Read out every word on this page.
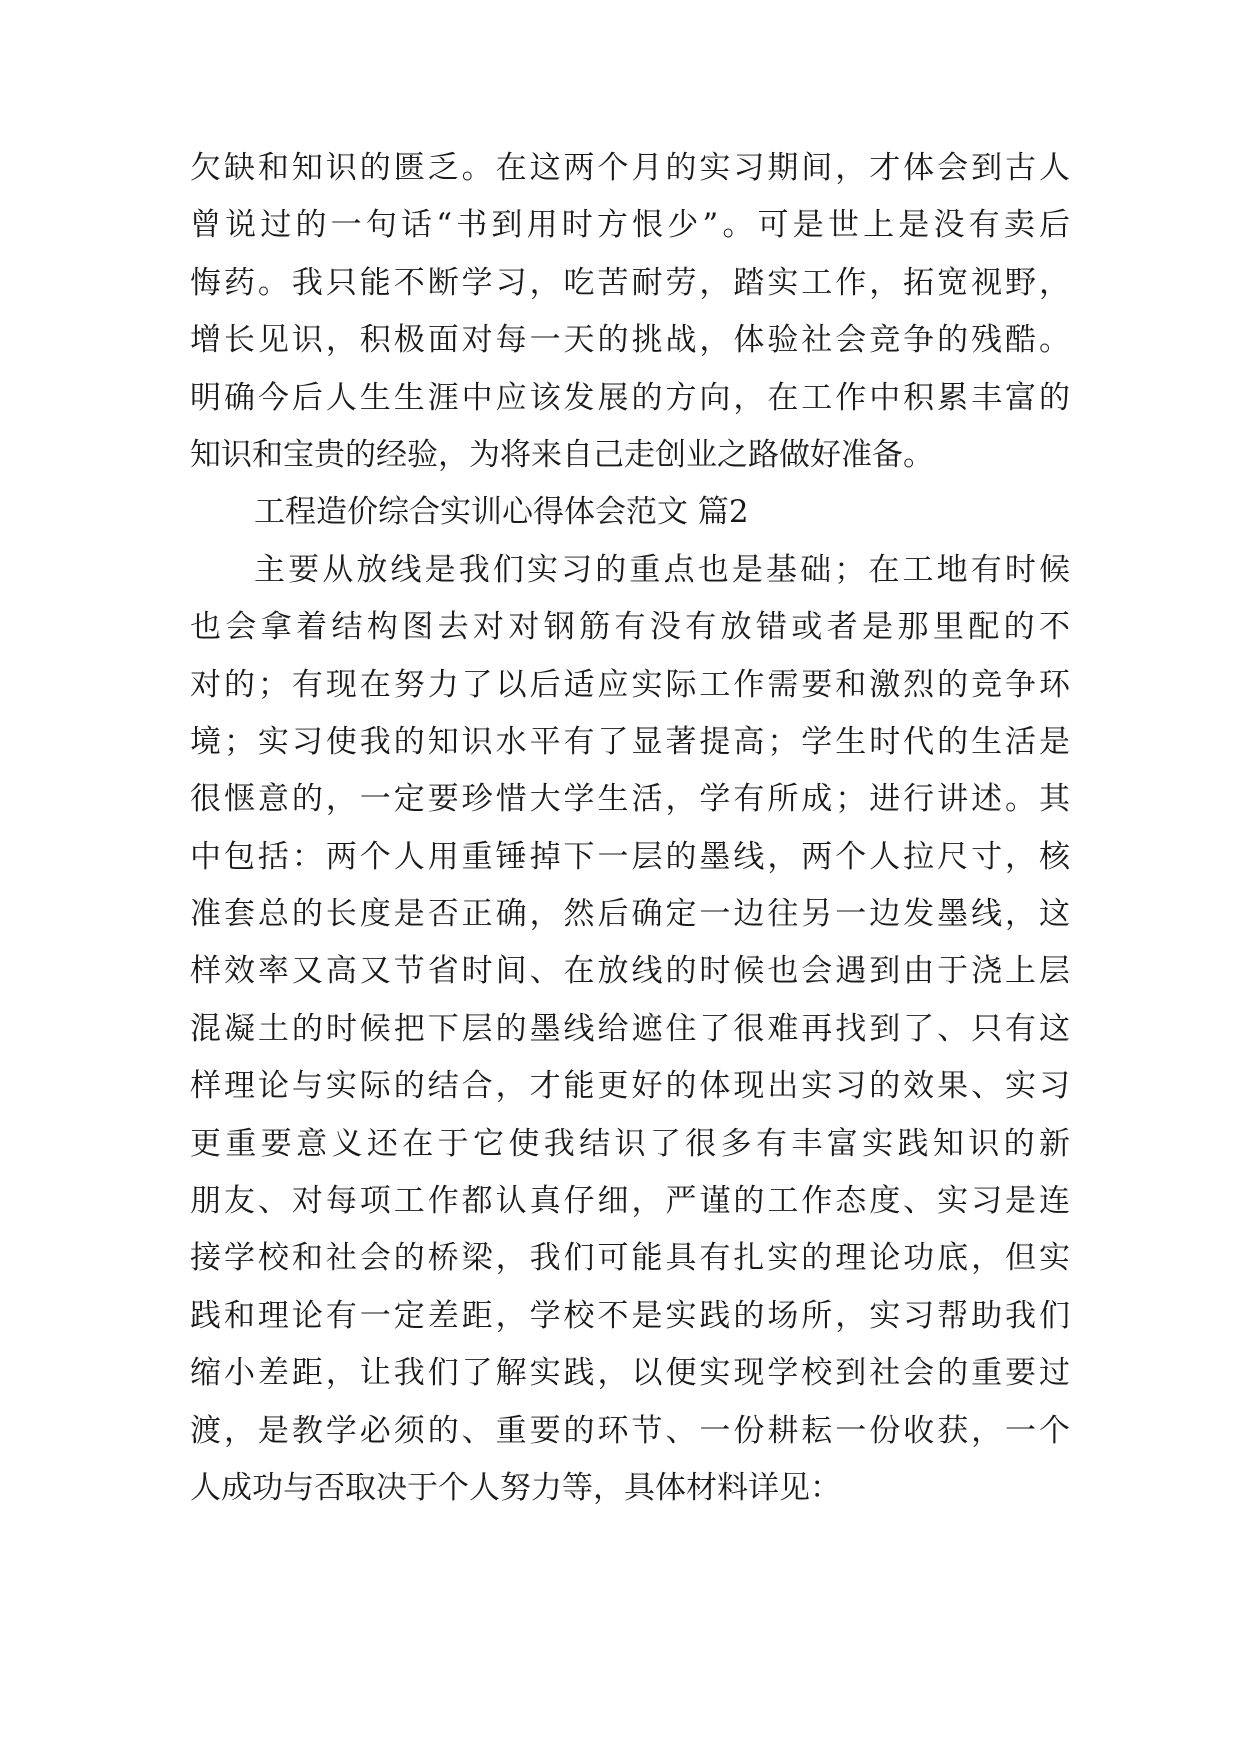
欠缺和知识的匮乏。在这两个月的实习期间，才体会到古人
曾说过的一句话“书到用时方恨少”。可是世上是没有卖后
悔药。我只能不断学习，吃苦耐劳，踏实工作，拓宽视野，
增长见识，积极面对每一天的挑战，体验社会竞争的残酷。
明确今后人生生涯中应该发展的方向，在工作中积累丰富的
知识和宝贵的经验，为将来自己走创业之路做好准备。
工程造价综合实训心得体会范文 篇2
主要从放线是我们实习的重点也是基础；在工地有时候
也会拿着结构图去对对钢筋有没有放错或者是那里配的不
对的；有现在努力了以后适应实际工作需要和激烈的竞争环
境；实习使我的知识水平有了显著提高；学生时代的生活是
很惬意的，一定要珍惜大学生活，学有所成；进行讲述。其
中包括：两个人用重锤掉下一层的墨线，两个人拉尺寸，核
准套总的长度是否正确，然后确定一边往另一边发墨线，这
样效率又高又节省时间、在放线的时候也会遇到由于浇上层
混凝土的时候把下层的墨线给遮住了很难再找到了、只有这
样理论与实际的结合，才能更好的体现出实习的效果、实习
更重要意义还在于它使我结识了很多有丰富实践知识的新
朋友、对每项工作都认真仔细，严谨的工作态度、实习是连
接学校和社会的桥梁，我们可能具有扎实的理论功底，但实
践和理论有一定差距，学校不是实践的场所，实习帮助我们
缩小差距，让我们了解实践，以便实现学校到社会的重要过
渡，是教学必须的、重要的环节、一份耕耘一份收获，一个
人成功与否取决于个人努力等，具体材料详见：
